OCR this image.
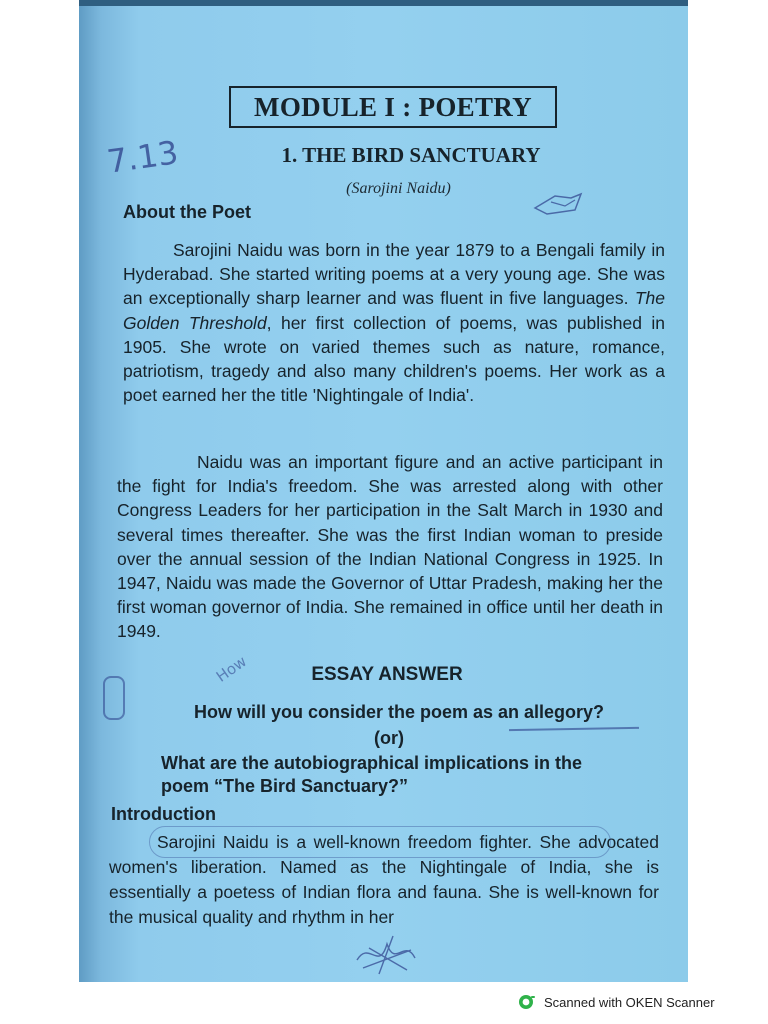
MODULE I : POETRY
7.13	1. THE BIRD SANCTUARY
(Sarojini Naidu)
About the Poet

Sarojini Naidu was born in the year 1879 to a Bengali family in Hyderabad. She started writing poems at a very young age. She was an exceptionally sharp learner and was fluent in five languages. The Golden Threshold, her first collection of poems, was published in 1905. She wrote on varied themes such as nature, romance, patriotism, tragedy and also many children's poems. Her work as a poet earned her the title 'Nightingale of India'.

Naidu was an important figure and an active participant in the fight for India's freedom. She was arrested along with other Congress Leaders for her participation in the Salt March in 1930 and several times thereafter. She was the first Indian woman to preside over the annual session of the Indian National Congress in 1925. In 1947, Naidu was made the Governor of Uttar Pradesh, making her the first woman governor of India. She remained in office until her death in 1949.

How	ESSAY ANSWER
How will you consider the poem as an allegory?
(or)
What are the autobiographical implications in the
poem “The Bird Sanctuary?”
Introduction

Sarojini Naidu is a well-known freedom fighter. She advocated women's liberation. Named as the Nightingale of India, she is essentially a poetess of Indian flora and fauna. She is well-known for the musical quality and rhythm in her

Scanned with OKEN Scanner
